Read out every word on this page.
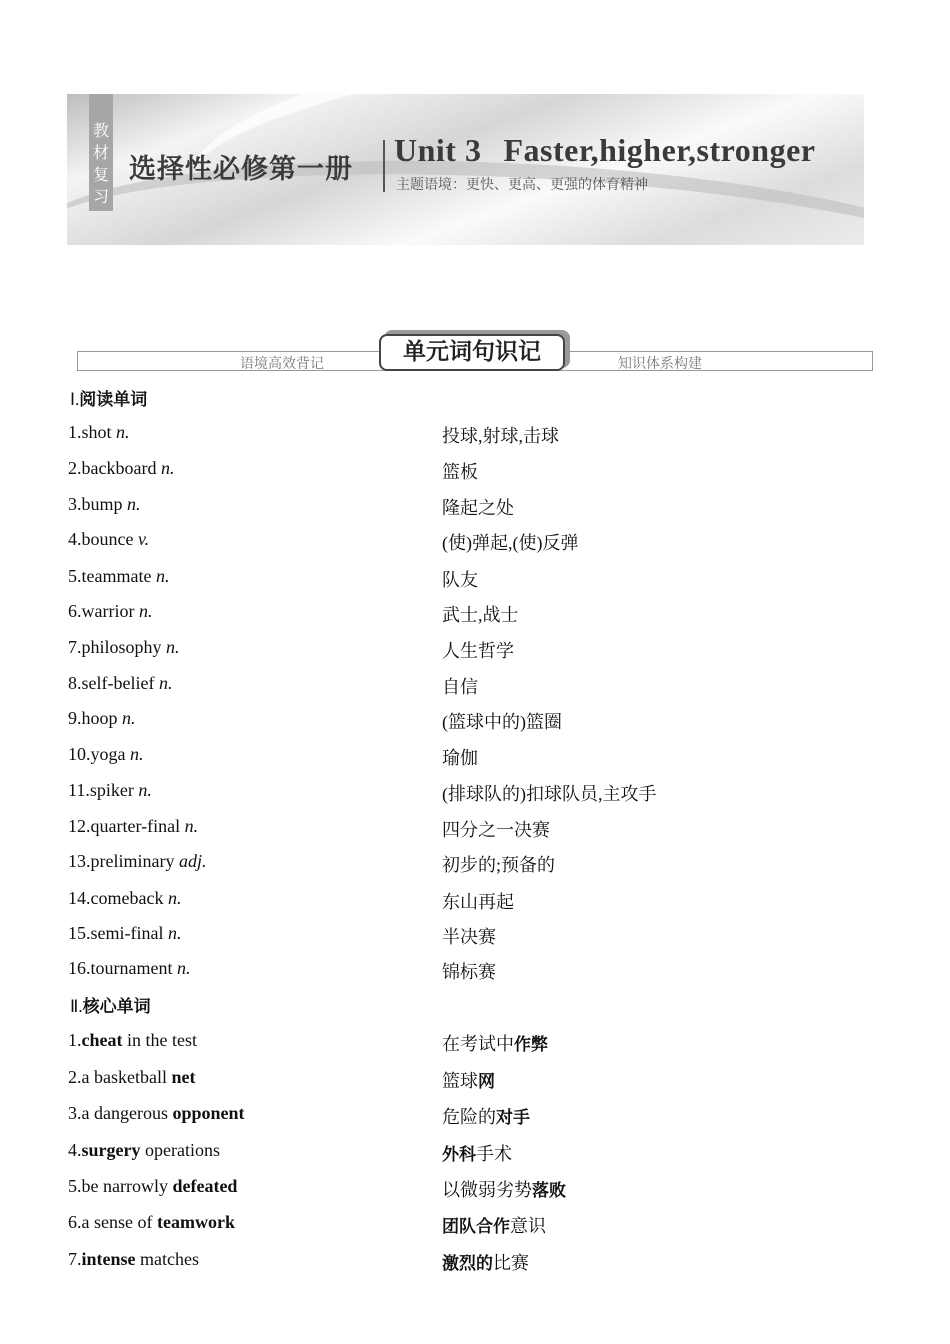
教
材
复
习
选择性必修第一册
Unit 3 Faster,higher,stronger
主题语境：更快、更高、更强的体育精神
语境高效背记	知识体系构建
单元词句识记
Ⅰ.阅读单词
1.shot n.	投球,射球,击球
2.backboard n.	篮板
3.bump n.	隆起之处
4.bounce v.	(使)弹起,(使)反弹
5.teammate n.	队友
6.warrior n.	武士,战士
7.philosophy n.	人生哲学
8.self-belief n.	自信
9.hoop n.	(篮球中的)篮圈
10.yoga n.	瑜伽
11.spiker n.	(排球队的)扣球队员,主攻手
12.quarter-final n.	四分之一决赛
13.preliminary adj.	初步的;预备的
14.comeback n.	东山再起
15.semi-final n.	半决赛
16.tournament n.	锦标赛
Ⅱ.核心单词
1.cheat in the test	在考试中作弊
2.a basketball net	篮球网
3.a dangerous opponent	危险的对手
4.surgery operations	外科手术
5.be narrowly defeated	以微弱劣势落败
6.a sense of teamwork	团队合作意识
7.intense matches	激烈的比赛
